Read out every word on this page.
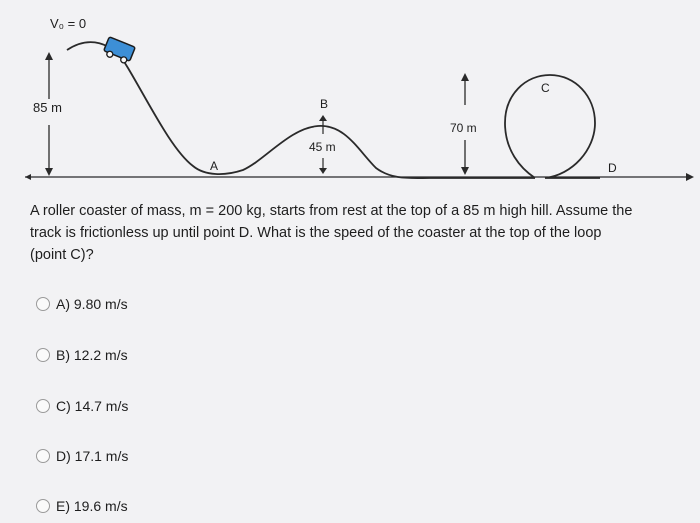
85 m
V₀ = 0
A
B
C
D
45 m
70 m

A roller coaster of mass, m = 200 kg, starts from rest at the top of a 85 m high hill. Assume the track is frictionless up until point D. What is the speed of the coaster at the top of the loop (point C)?

A) 9.80 m/s
B) 12.2 m/s
C) 14.7 m/s
D) 17.1 m/s
E) 19.6 m/s
